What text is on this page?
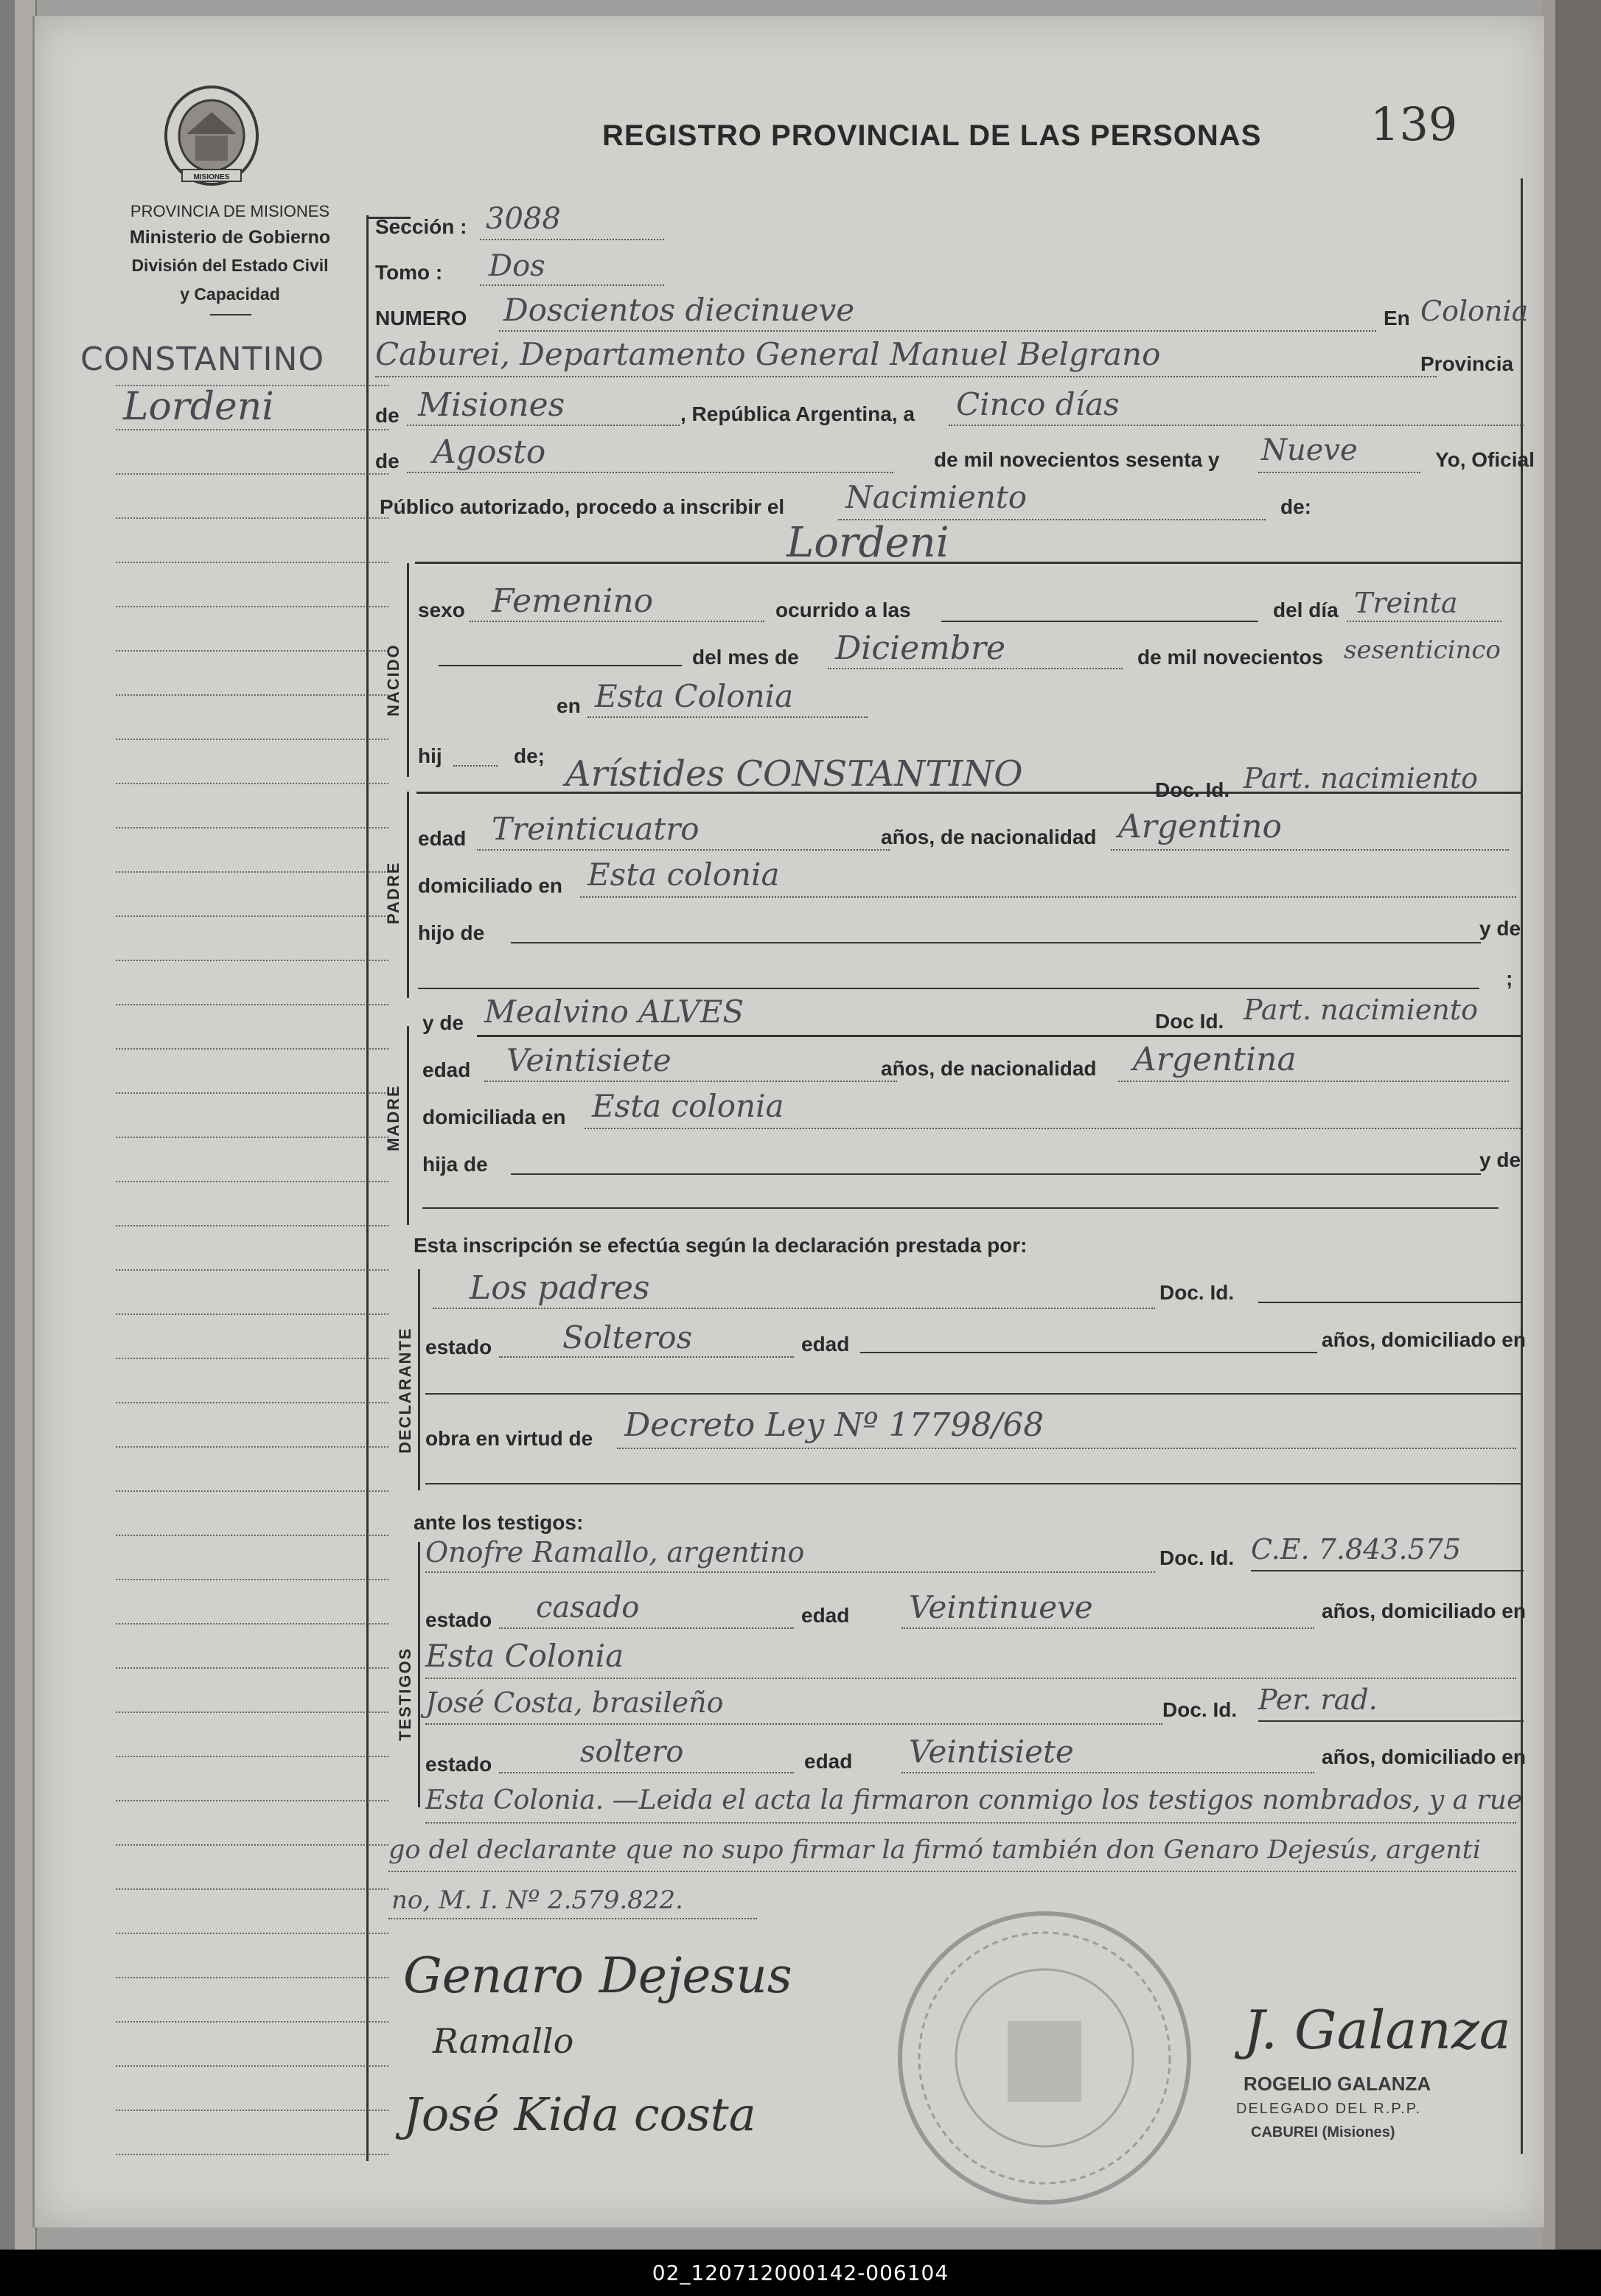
MISIONES
PROVINCIA DE MISIONES
Ministerio de Gobierno
División del Estado Civil
y Capacidad
CONSTANTINO
Lordeni
REGISTRO PROVINCIAL DE LAS PERSONAS 139
Sección : 3088
Tomo : Dos
NUMERO Doscientos diecinueve	En Colonia
Caburei, Departamento General Manuel Belgrano	Provincia
de Misiones	, República Argentina, a Cinco días
de Agosto	de mil novecientos sesenta y Nueve	Yo, Oficial
Público autorizado, procedo a inscribir el Nacimiento	de:
Lordeni
NACIDO
sexo Femenino	ocurrido a las	del día Treinta
del mes de Diciembre	de mil novecientos sesenticinco
en Esta Colonia
hij	de;
PADRE
Arístides CONSTANTINO	Doc. Id. Part. nacimiento
edad Treinticuatro	años, de nacionalidad Argentino
domiciliado en Esta colonia
hijo de	y de
;
MADRE
y de Mealvino ALVES	Doc Id. Part. nacimiento
edad Veintisiete	años, de nacionalidad Argentina
domiciliada en Esta colonia
hija de	y de
Esta inscripción se efectúa según la declaración prestada por:
DECLARANTE
Los padres	Doc. Id.
estado Solteros	edad	años, domiciliado en
obra en virtud de Decreto Ley Nº 17798/68
ante los testigos:
TESTIGOS
Onofre Ramallo, argentino	Doc. Id. C.E. 7.843.575
estado casado	edad Veintinueve	años, domiciliado en
Esta Colonia
José Costa, brasileño	Doc. Id. Per. rad.
estado	soltero	edad Veintisiete	años, domiciliado en
Esta Colonia. —Leida el acta la firmaron conmigo los testigos nombrados, y a rue
go del declarante que no supo firmar la firmó también don Genaro Dejesús, argenti
no, M. I. Nº 2.579.822.
Genaro Dejesus
Ramallo
José Kida costa
J. Galanza
ROGELIO GALANZA
DELEGADO DEL R.P.P.
CABUREI (Misiones)
02_120712000142-006104
